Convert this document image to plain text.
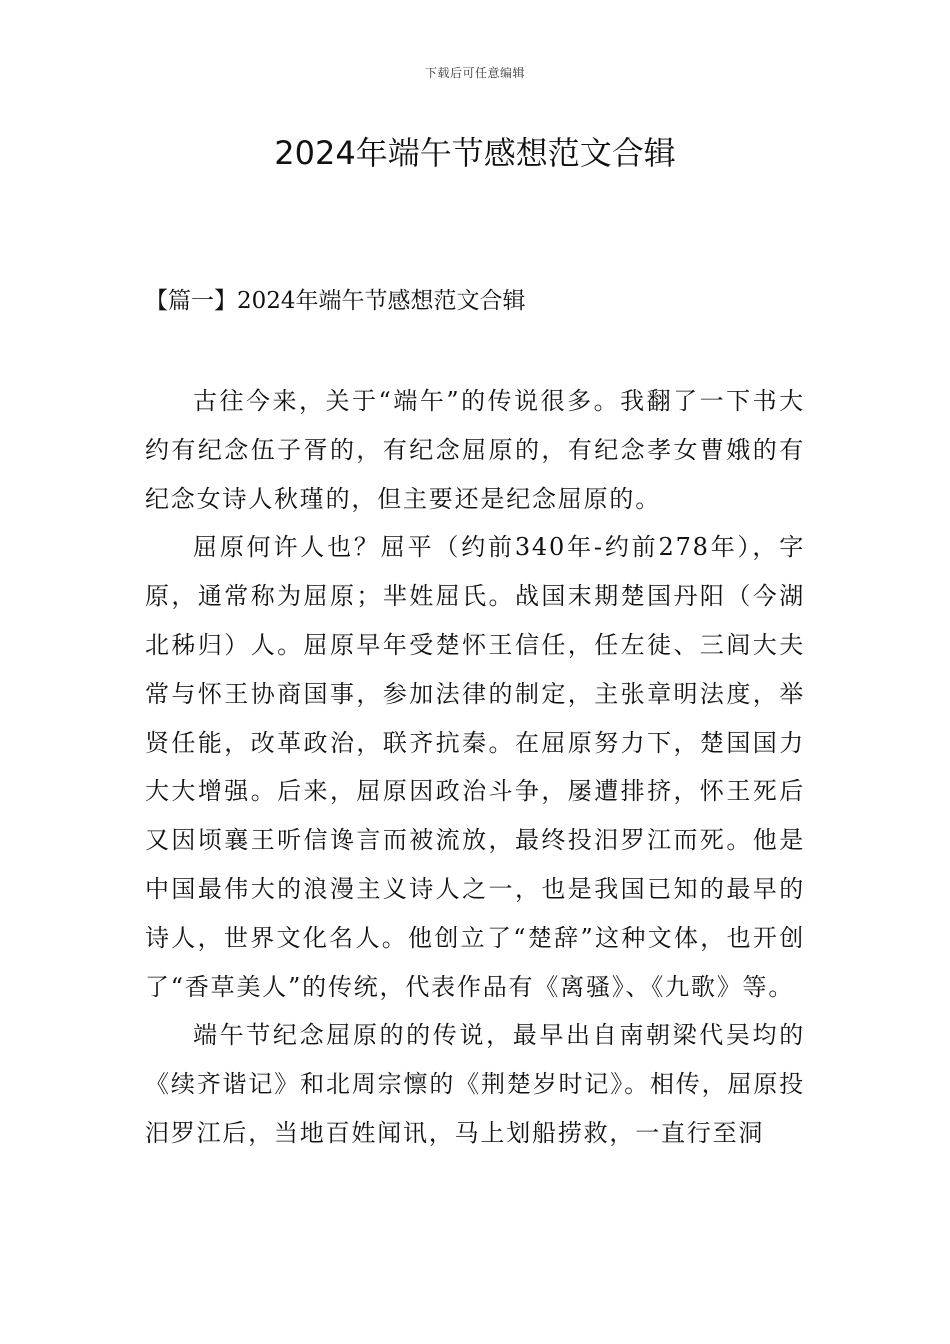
下载后可任意编辑
2024年端午节感想范文合辑
【篇一】2024年端午节感想范文合辑

古往今来，关于“端午”的传说很多。我翻了一下书大约有纪念伍子胥的，有纪念屈原的，有纪念孝女曹娥的有纪念女诗人秋瑾的，但主要还是纪念屈原的。

屈原何许人也？屈平（约前340年-约前278年），字原，通常称为屈原；芈姓屈氏。战国末期楚国丹阳（今湖北秭归）人。屈原早年受楚怀王信任，任左徒、三闾大夫常与怀王协商国事，参加法律的制定，主张章明法度，举贤任能，改革政治，联齐抗秦。在屈原努力下，楚国国力大大增强。后来，屈原因政治斗争，屡遭排挤，怀王死后又因顷襄王听信谗言而被流放，最终投汨罗江而死。他是中国最伟大的浪漫主义诗人之一，也是我国已知的最早的诗人，世界文化名人。他创立了“楚辞”这种文体，也开创了“香草美人”的传统，代表作品有《离骚》、《九歌》等。

端午节纪念屈原的的传说，最早出自南朝梁代吴均的《续齐谐记》和北周宗懔的《荆楚岁时记》。相传，屈原投汨罗江后，当地百姓闻讯，马上划船捞救，一直行至洞
